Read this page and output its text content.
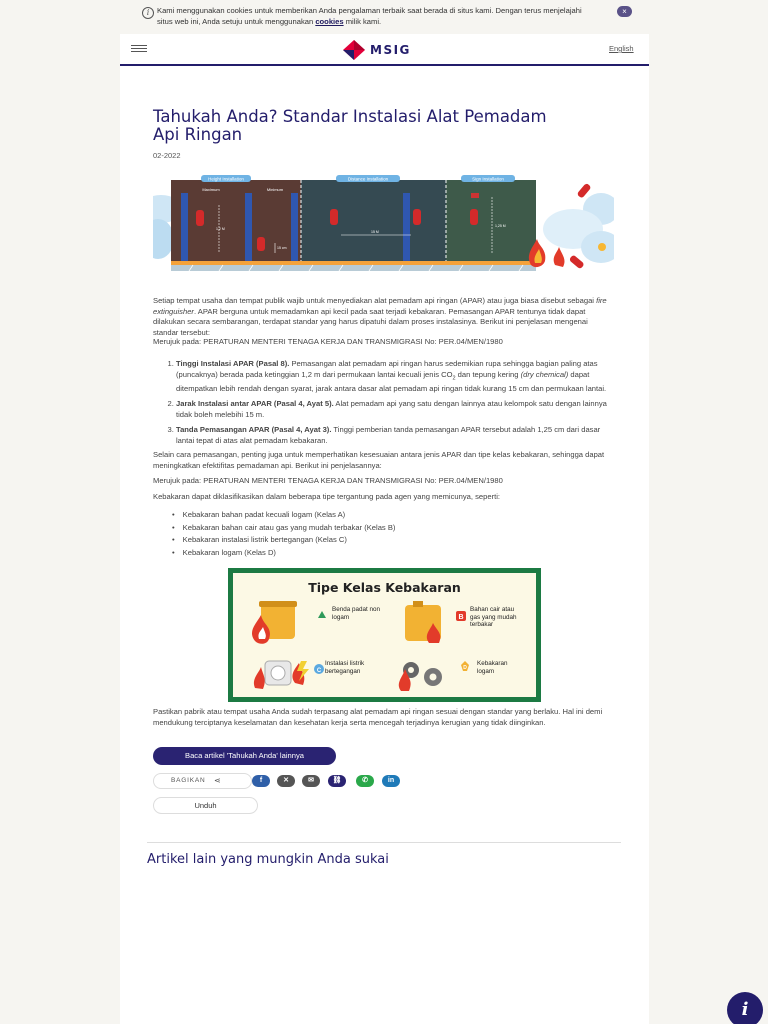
i	Kami menggunakan cookies untuk memberikan Anda pengalaman terbaik saat berada di situs kami. Dengan terus menjelajahi situs web ini, Anda setuju untuk menggunakan cookies milik kami.
×
MSIG	English
Tahukah Anda? Standar Instalasi Alat Pemadam Api Ringan
02-2022
Height Installation	Distance Installation	Sign Installation
Maximum	Minimum
1,2 M
15 cm
15 M
1,25 M

Setiap tempat usaha dan tempat publik wajib untuk menyediakan alat pemadam api ringan (APAR) atau juga biasa disebut sebagai fire extinguisher. APAR berguna untuk memadamkan api kecil pada saat terjadi kebakaran. Pemasangan APAR tentunya tidak dapat dilakukan secara sembarangan, terdapat standar yang harus dipatuhi dalam proses instalasinya. Berikut ini penjelasan mengenai standar tersebut:

Merujuk pada: PERATURAN MENTERI TENAGA KERJA DAN TRANSMIGRASI No: PER.04/MEN/1980

1. Tinggi Instalasi APAR (Pasal 8). Pemasangan alat pemadam api ringan harus sedemikian rupa sehingga bagian paling atas (puncaknya) berada pada ketinggian 1,2 m dari permukaan lantai kecuali jenis $CO_2$ dan tepung kering (dry chemical) dapat ditempatkan lebih rendah dengan syarat, jarak antara dasar alat pemadam api ringan tidak kurang 15 cm dan permukaan lantai.
2. Jarak Instalasi antar APAR (Pasal 4, Ayat 5). Alat pemadam api yang satu dengan lainnya atau kelompok satu dengan lainnya tidak boleh melebihi 15 m.
3. Tanda Pemasangan APAR (Pasal 4, Ayat 3). Tinggi pemberian tanda pemasangan APAR tersebut adalah 1,25 cm dari dasar lantai tepat di atas alat pemadam kebakaran.

Selain cara pemasangan, penting juga untuk memperhatikan kesesuaian antara jenis APAR dan tipe kelas kebakaran, sehingga dapat meningkatkan efektifitas pemadaman api. Berikut ini penjelasannya:

Merujuk pada: PERATURAN MENTERI TENAGA KERJA DAN TRANSMIGRASI No: PER.04/MEN/1980

Kebakaran dapat diklasifikasikan dalam beberapa tipe tergantung pada agen yang memicunya, seperti:

• Kebakaran bahan padat kecuali logam (Kelas A)
• Kebakaran bahan cair atau gas yang mudah terbakar (Kelas B)
• Kebakaran instalasi listrik bertegangan (Kelas C)
• Kebakaran logam (Kelas D)
Tipe Kelas Kebakaran
B
C	D
Benda padat non logam
Bahan cair atau gas yang mudah terbakar
Instalasi listrik bertegangan
Kebakaran logam

Pastikan pabrik atau tempat usaha Anda sudah terpasang alat pemadam api ringan sesuai dengan standar yang berlaku. Hal ini demi mendukung terciptanya keselamatan dan kesehatan kerja serta mencegah terjadinya kerugian yang tidak diinginkan.

Baca artikel 'Tahukah Anda' lainnya
BAGIKAN ⋖	f	✕	✉	⛓	✆	in
Unduh
Artikel lain yang mungkin Anda sukai
i
